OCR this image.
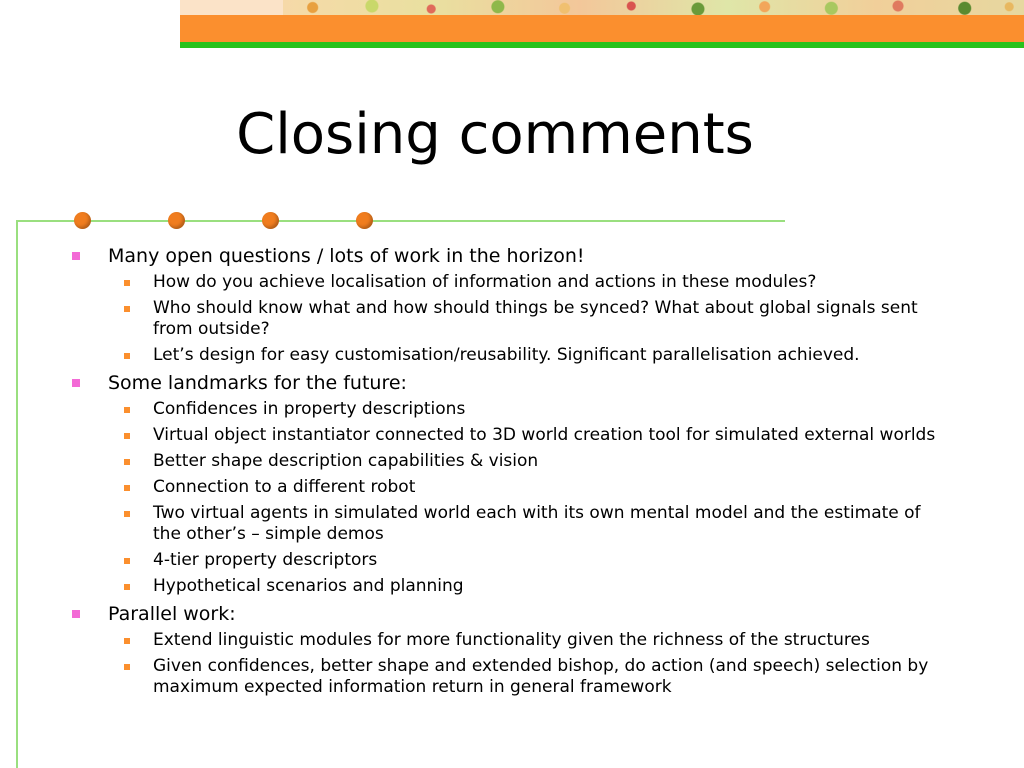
Closing comments
Many open questions / lots of work in the horizon!
How do you achieve localisation of information and actions in these modules?
Who should know what and how should things be synced? What about global signals sent from outside?
Let’s design for easy customisation/reusability. Significant parallelisation achieved.
Some landmarks for the future:
Confidences in property descriptions
Virtual object instantiator connected to 3D world creation tool for simulated external worlds
Better shape description capabilities & vision
Connection to a different robot
Two virtual agents in simulated world each with its own mental model and the estimate of the other’s – simple demos
4-tier property descriptors
Hypothetical scenarios and planning
Parallel work:
Extend linguistic modules for more functionality given the richness of the structures
Given confidences, better shape and extended bishop, do action (and speech) selection by maximum expected information return in general framework
